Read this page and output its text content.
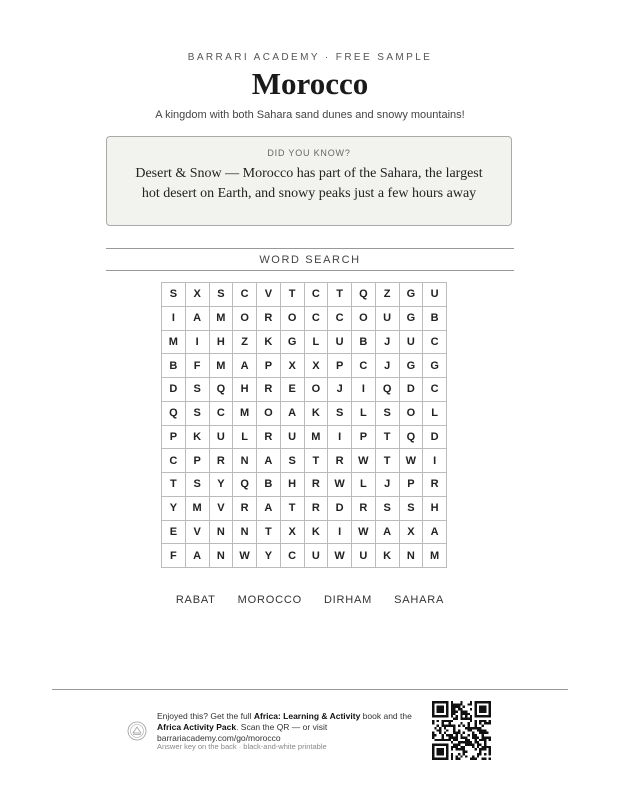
BARRARI ACADEMY · FREE SAMPLE
Morocco
A kingdom with both Sahara sand dunes and snowy mountains!
DID YOU KNOW?
Desert & Snow — Morocco has part of the Sahara, the largest hot desert on Earth, and snowy peaks just a few hours away
WORD SEARCH
S	X	S	C	V	T	C	T	Q	Z	G	U
I	A	M	O	R	O	C	C	O	U	G	B
M	I	H	Z	K	G	L	U	B	J	U	C
B	F	M	A	P	X	X	P	C	J	G	G
D	S	Q	H	R	E	O	J	I	Q	D	C
Q	S	C	M	O	A	K	S	L	S	O	L
P	K	U	L	R	U	M	I	P	T	Q	D
C	P	R	N	A	S	T	R	W	T	W	I
T	S	Y	Q	B	H	R	W	L	J	P	R
Y	M	V	R	A	T	R	D	R	S	S	H
E	V	N	N	T	X	K	I	W	A	X	A
F	A	N	W	Y	C	U	W	U	K	N	M
RABAT MOROCCO DIRHAM SAHARA
Enjoyed this? Get the full Africa: Learning & Activity book and the Africa Activity Pack. Scan the QR — or visit barrariacademy.com/go/morocco
Answer key on the back · black-and-white printable
